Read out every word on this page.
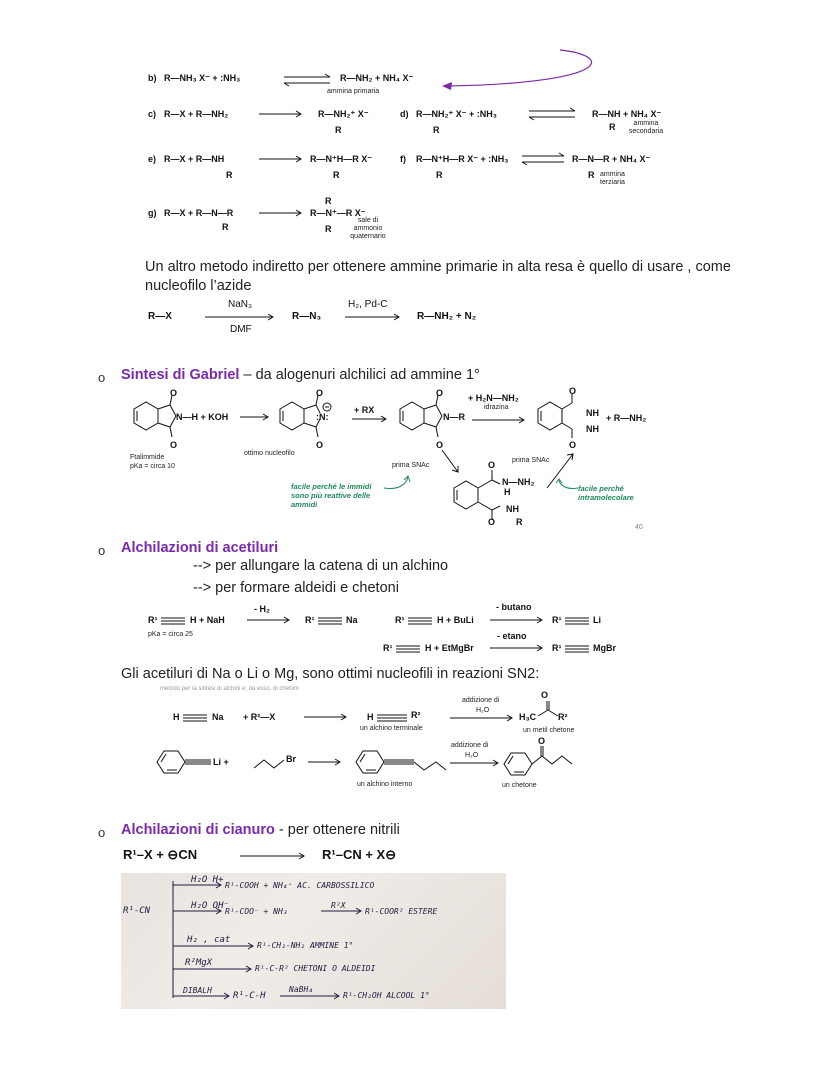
b) R—NH₃ X⁻ + :NH₃	R—NH₂ + NH₄ X⁻
ammina primaria
c) R—X + R—NH₂	R—NH₂⁺ X⁻
R
d) R—NH₂⁺ X⁻ + :NH₃	R—NH + NH₄ X⁻
R	R	ammina secondaria
e) R—X + R—NH
R
R—N⁺H—R X⁻
R
f) R—N⁺H—R X⁻ + :NH₃
R
R—N—R + NH₄ X⁻
R ammina terziaria
g) R—X + R—N—R
R
R
R—N⁺—R X⁻
R
sale di ammonio quaternario
Un altro metodo indiretto per ottenere ammine primarie in alta resa è quello di usare , come nucleofilo l’azide
R—X
NaN₃
DMF
R—N₃
H₂, Pd-C
R—NH₂ + N₂
o Sintesi di Gabriel – da alogenuri alchilici ad ammine 1°
O
O
N—H + KOH
Ftalimmide
pKa = circa 10
O
O
:N:
ottimo nucleofilo
+ RX
O
O
N—R
+ H₂N—NH₂
idrazina
O
O
NH
NH
+ R—NH₂
prima SNAc
prima SNAc
facile perché le immidi sono più reattive delle ammidi
facile perché intramolecolare
O
N—NH₂
H
O
NH
R
40
o Alchilazioni di acetiluri
--> per allungare la catena di un alchino
--> per formare aldeidi e chetoni
R¹	H + NaH
- H₂
R¹	Na
pKa = circa 25
R¹	H + BuLi
- butano
R¹	Li
R¹	H + EtMgBr
- etano
R¹	MgBr
Gli acetiluri di Na o Li o Mg, sono ottimi nucleofili in reazioni SN2:
metodo per la sintesi di alchini e, da esso, di chetoni
H	Na + R²—X	H	R²
un alchino terminale
addizione di
H₂O
H₃C
O
R²
un metil chetone
Li +	Br
un alchino interno
addizione di
H₂O
O
un chetone
o Alchilazioni di cianuro - per ottenere nitrili
R¹–X + ⊖CN	R¹–CN + X⊖
R¹-CN
H₂O H+
R¹-COOH + NH₄⁺ AC. CARBOSSILICO
H₂O OH⁻
R¹-COO⁻ + NH₃
R²X
R¹-COOR² ESTERE
H₂ , cat
R¹-CH₂-NH₂ AMMINE 1°
R²MgX
R¹-C-R² CHETONI O ALDEIDI
DIBALH
R¹-C-H
NaBH₄
R¹-CH₂OH ALCOOL 1°
